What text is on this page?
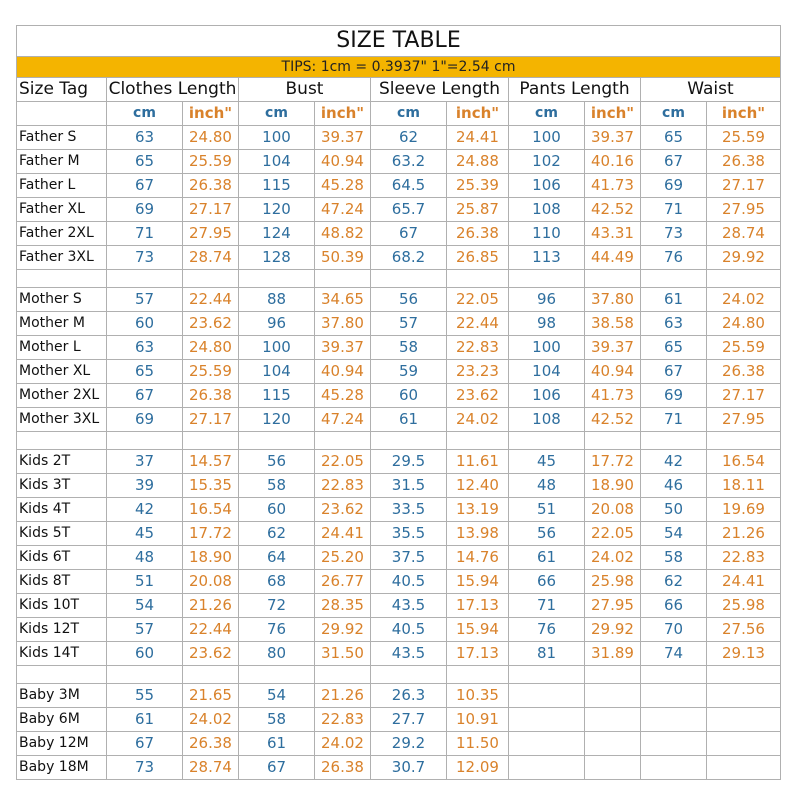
SIZE TABLE										
TIPS: 1cm = 0.3937" 1"=2.54 cm										
Size Tag	Clothes Length		Bust		Sleeve Length		Pants Length		Waist	
	cm	inch"	cm	inch"	cm	inch"	cm	inch"	cm	inch"
Father S	63	24.80	100	39.37	62	24.41	100	39.37	65	25.59
Father M	65	25.59	104	40.94	63.2	24.88	102	40.16	67	26.38
Father L	67	26.38	115	45.28	64.5	25.39	106	41.73	69	27.17
Father XL	69	27.17	120	47.24	65.7	25.87	108	42.52	71	27.95
Father 2XL	71	27.95	124	48.82	67	26.38	110	43.31	73	28.74
Father 3XL	73	28.74	128	50.39	68.2	26.85	113	44.49	76	29.92

Mother S	57	22.44	88	34.65	56	22.05	96	37.80	61	24.02
Mother M	60	23.62	96	37.80	57	22.44	98	38.58	63	24.80
Mother L	63	24.80	100	39.37	58	22.83	100	39.37	65	25.59
Mother XL	65	25.59	104	40.94	59	23.23	104	40.94	67	26.38
Mother 2XL	67	26.38	115	45.28	60	23.62	106	41.73	69	27.17
Mother 3XL	69	27.17	120	47.24	61	24.02	108	42.52	71	27.95

Kids 2T	37	14.57	56	22.05	29.5	11.61	45	17.72	42	16.54
Kids 3T	39	15.35	58	22.83	31.5	12.40	48	18.90	46	18.11
Kids 4T	42	16.54	60	23.62	33.5	13.19	51	20.08	50	19.69
Kids 5T	45	17.72	62	24.41	35.5	13.98	56	22.05	54	21.26
Kids 6T	48	18.90	64	25.20	37.5	14.76	61	24.02	58	22.83
Kids 8T	51	20.08	68	26.77	40.5	15.94	66	25.98	62	24.41
Kids 10T	54	21.26	72	28.35	43.5	17.13	71	27.95	66	25.98
Kids 12T	57	22.44	76	29.92	40.5	15.94	76	29.92	70	27.56
Kids 14T	60	23.62	80	31.50	43.5	17.13	81	31.89	74	29.13

Baby 3M	55	21.65	54	21.26	26.3	10.35				
Baby 6M	61	24.02	58	22.83	27.7	10.91				
Baby 12M	67	26.38	61	24.02	29.2	11.50				
Baby 18M	73	28.74	67	26.38	30.7	12.09				
